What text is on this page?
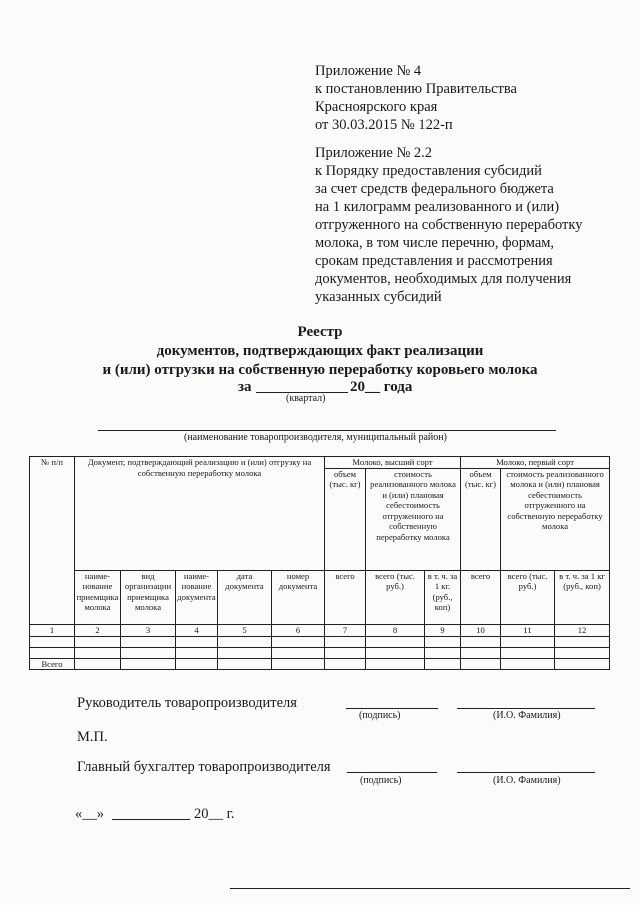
Приложение № 4
к постановлению Правительства
Красноярского края
от 30.03.2015 № 122-п
Приложение № 2.2
к Порядку предоставления субсидий
за счет средств федерального бюджета
на 1 килограмм реализованного и (или)
отгруженного на собственную переработку
молока, в том числе перечню, формам,
срокам представления и рассмотрения
документов, необходимых для получения
указанных субсидий
Реестр
документов, подтверждающих факт реализации
и (или) отгрузки на собственную переработку коровьего молока
за	20__ года
(квартал)
(наименование товаропроизводителя, муниципальный район)
№ п/п	Документ, подтверждающий реализацию и (или) отгрузку на собственную переработку молока					Молоко, высший сорт			Молоко, первый сорт		
						объем (тыс. кг)	стоимость реализованного молока и (или) плановая себестоимость отгруженного на собственную переработку молока		объем (тыс. кг)	стоимость реализованного молока и (или) плановая себестоимость отгруженного на собственную переработку молока	
	наиме- нование приемщика молока	вид организации приемщика молока	наиме- нование документа	дата документа	номер документа	всего	всего (тыс. руб.)	в т. ч. за 1 кг. (руб., коп)	всего	всего (тыс. руб.)	в т. ч. за 1 кг (руб., коп)
1	2	3	4	5	6	7	8	9	10	11	12

Всего											
Руководитель товаропроизводителя
(подпись)	(И.О. Фамилия)
М.П.
Главный бухгалтер товаропроизводителя
(подпись)	(И.О. Фамилия)
«__»	20__ г.
